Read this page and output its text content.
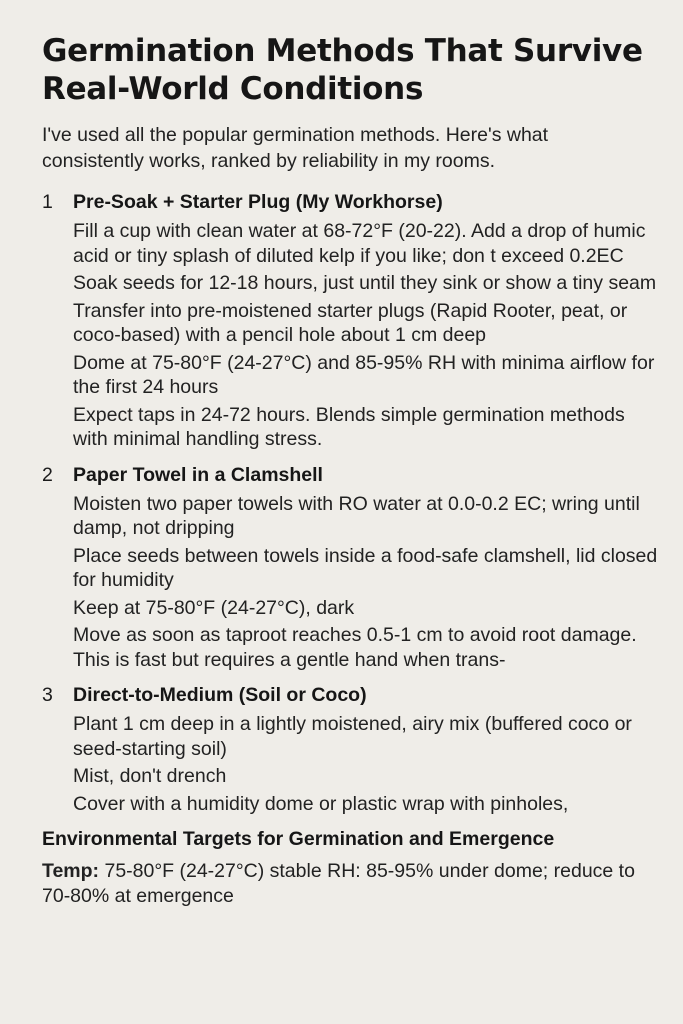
Germination Methods That Survive Real-World Conditions

I've used all the popular germination methods. Here's what consistently works, ranked by reliability in my rooms.

1	Pre-Soak + Starter Plug (My Workhorse)
Fill a cup with clean water at 68-72°F (20-22). Add a drop of humic acid or tiny splash of diluted kelp if you like; don t exceed 0.2EC
Soak seeds for 12-18 hours, just until they sink or show a tiny seam
Transfer into pre-moistened starter plugs (Rapid Rooter, peat, or coco-based) with a pencil hole about 1 cm deep
Dome at 75-80°F (24-27°C) and 85-95% RH with minima airflow for the first 24 hours
Expect taps in 24-72 hours. Blends simple germination methods with minimal handling stress.
2	Paper Towel in a Clamshell
Moisten two paper towels with RO water at 0.0-0.2 EC; wring until damp, not dripping
Place seeds between towels inside a food-safe clamshell, lid closed for humidity
Keep at 75-80°F (24-27°C), dark
Move as soon as taproot reaches 0.5-1 cm to avoid root damage. This is fast but requires a gentle hand when trans-
3	Direct-to-Medium (Soil or Coco)
Plant 1 cm deep in a lightly moistened, airy mix (buffered coco or seed-starting soil)
Mist, don't drench
Cover with a humidity dome or plastic wrap with pinholes,
Environmental Targets for Germination and Emergence

Temp: 75-80°F (24-27°C) stable RH: 85-95% under dome; reduce to 70-80% at emergence
